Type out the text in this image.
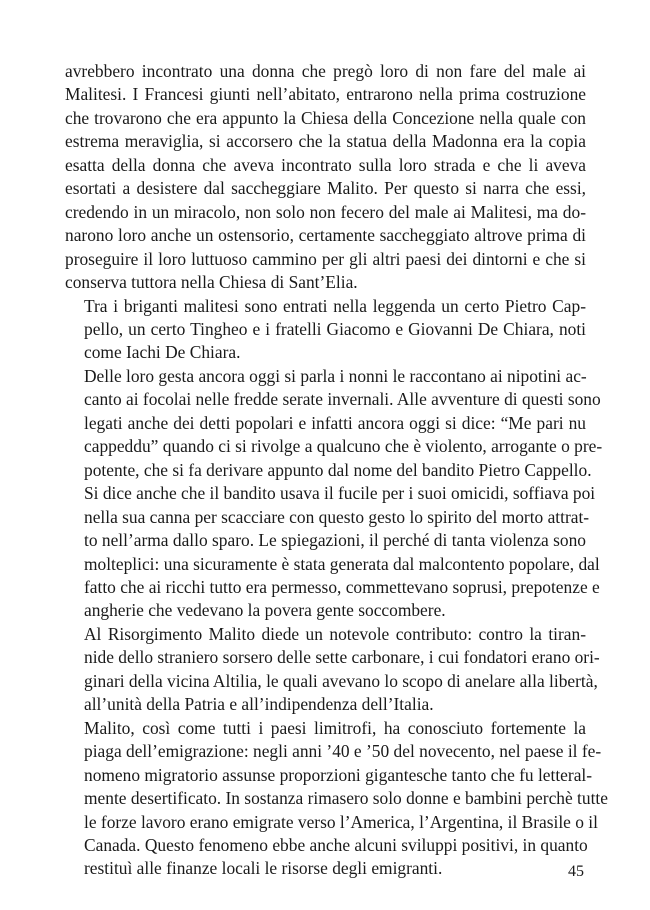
avrebbero incontrato una donna che pregò loro di non fare del male ai
Malitesi. I Francesi giunti nell’abitato, entrarono nella prima costruzione
che trovarono che era appunto la Chiesa della Concezione nella quale con
estrema meraviglia, si accorsero che la statua della Madonna era la copia
esatta della donna che aveva incontrato sulla loro strada e che li aveva
esortati a desistere dal saccheggiare Malito. Per questo si narra che essi,
credendo in un miracolo, non solo non fecero del male ai Malitesi, ma do-
narono loro anche un ostensorio, certamente saccheggiato altrove prima di
proseguire il loro luttuoso cammino per gli altri paesi dei dintorni e che si
conserva tuttora nella Chiesa di Sant’Elia.

Tra i briganti malitesi sono entrati nella leggenda un certo Pietro Cap-
pello, un certo Tingheo e i fratelli Giacomo e Giovanni De Chiara, noti
come Iachi De Chiara.

Delle loro gesta ancora oggi si parla i nonni le raccontano ai nipotini ac-
canto ai focolai nelle fredde serate invernali. Alle avventure di questi sono
legati anche dei detti popolari e infatti ancora oggi si dice: “Me pari nu
cappeddu” quando ci si rivolge a qualcuno che è violento, arrogante o pre-
potente, che si fa derivare appunto dal nome del bandito Pietro Cappello.
Si dice anche che il bandito usava il fucile per i suoi omicidi, soffiava poi
nella sua canna per scacciare con questo gesto lo spirito del morto attrat-
to nell’arma dallo sparo. Le spiegazioni, il perché di tanta violenza sono
molteplici: una sicuramente è stata generata dal malcontento popolare, dal
fatto che ai ricchi tutto era permesso, commettevano soprusi, prepotenze e
angherie che vedevano la povera gente soccombere.

Al Risorgimento Malito diede un notevole contributo: contro la tiran-
nide dello straniero sorsero delle sette carbonare, i cui fondatori erano ori-
ginari della vicina Altilia, le quali avevano lo scopo di anelare alla libertà,
all’unità della Patria e all’indipendenza dell’Italia.

Malito, così come tutti i paesi limitrofi, ha conosciuto fortemente la
piaga dell’emigrazione: negli anni ’40 e ’50 del novecento, nel paese il fe-
nomeno migratorio assunse proporzioni gigantesche tanto che fu letteral-
mente desertificato. In sostanza rimasero solo donne e bambini perchè tutte
le forze lavoro erano emigrate verso l’America, l’Argentina, il Brasile o il
Canada. Questo fenomeno ebbe anche alcuni sviluppi positivi, in quanto
restituì alle finanze locali le risorse degli emigranti.	45
